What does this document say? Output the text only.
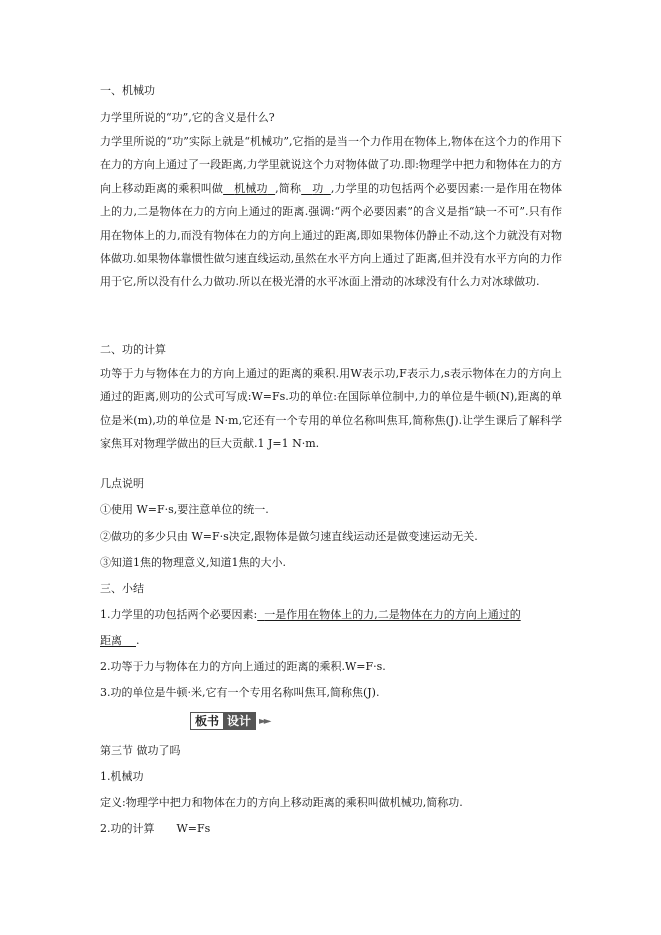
一、机械功
力学里所说的“功”,它的含义是什么?
力学里所说的“功”实际上就是“机械功”,它指的是当一个力作用在物体上,物体在这个力的作用下在力的方向上通过了一段距离,力学里就说这个力对物体做了功.即:物理学中把力和物体在力的方向上移动距离的乘积叫做 机械功 ,简称 功 ,力学里的功包括两个必要因素:一是作用在物体上的力,二是物体在力的方向上通过的距离.强调:“两个必要因素”的含义是指“缺一不可”.只有作用在物体上的力,而没有物体在力的方向上通过的距离,即如果物体仍静止不动,这个力就没有对物体做功.如果物体靠惯性做匀速直线运动,虽然在水平方向上通过了距离,但并没有水平方向的力作用于它,所以没有什么力做功.所以在极光滑的水平冰面上滑动的冰球没有什么力对冰球做功.
二、功的计算
功等于力与物体在力的方向上通过的距离的乘积.用W表示功,F表示力,s表示物体在力的方向上通过的距离,则功的公式可写成:W=Fs.功的单位:在国际单位制中,力的单位是牛顿(N),距离的单位是米(m),功的单位是 N·m,它还有一个专用的单位名称叫焦耳,简称焦(J).让学生课后了解科学家焦耳对物理学做出的巨大贡献.1 J=1 N·m.
几点说明
①使用 W=F·s,要注意单位的统一.
②做功的多少只由 W=F·s决定,跟物体是做匀速直线运动还是做变速运动无关.
③知道1焦的物理意义,知道1焦的大小.
三、小结
1.力学里的功包括两个必要因素: 一是作用在物体上的力,二是物体在力的方向上通过的
距离 .
2.功等于力与物体在力的方向上通过的距离的乘积.W=F·s.
3.功的单位是牛顿·米,它有一个专用名称叫焦耳,简称焦(J).
第三节 做功了吗
1.机械功
定义:物理学中把力和物体在力的方向上移动距离的乘积叫做机械功,简称功.
2.功的计算 W=Fs
板书 设计 ►►
